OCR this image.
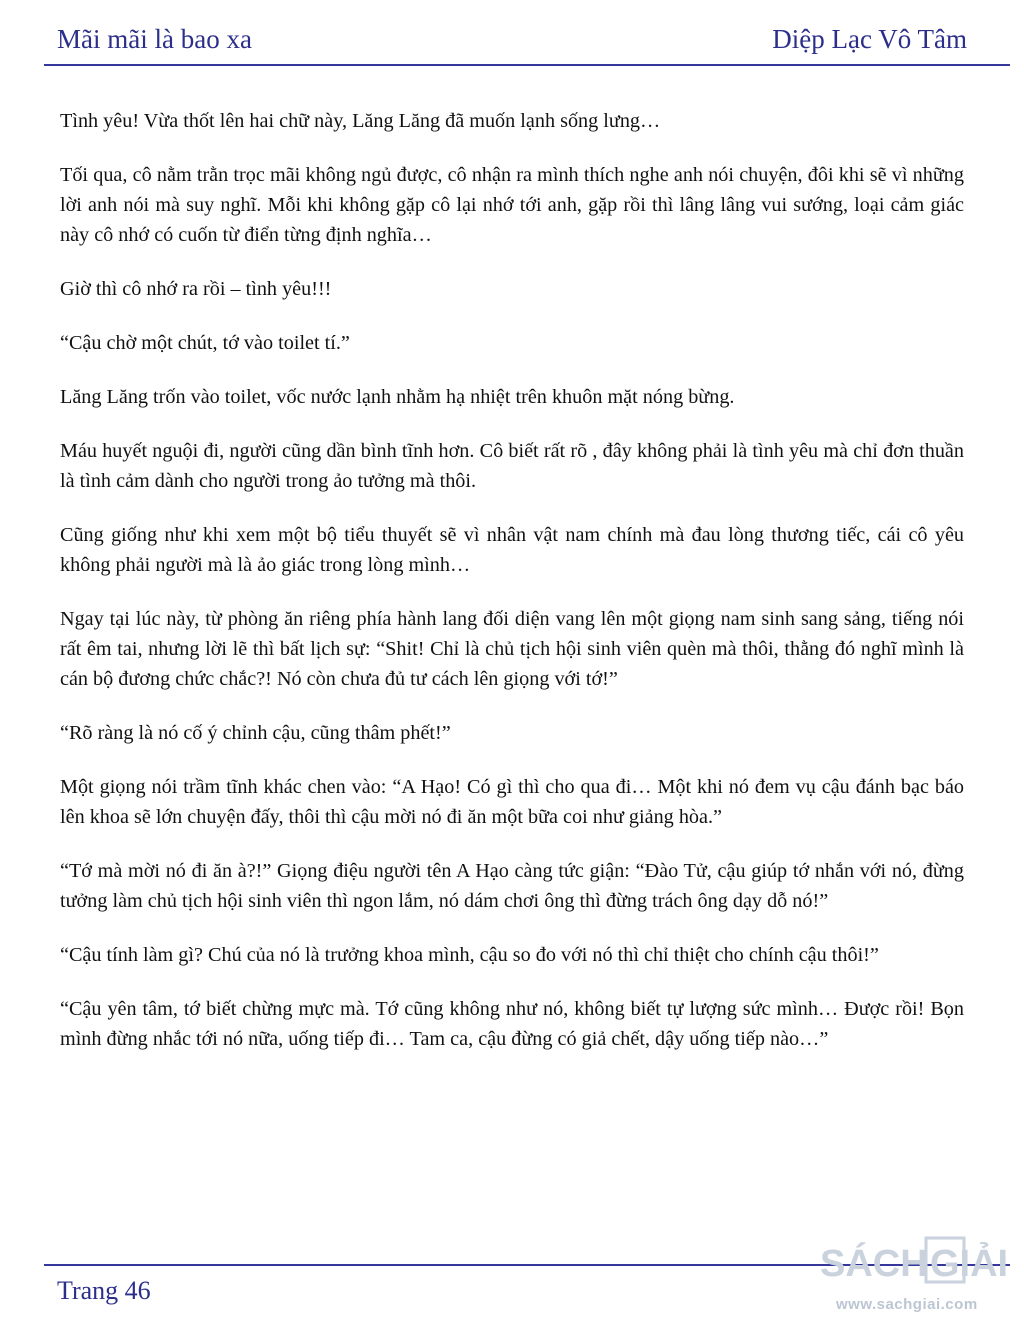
Mãi mãi là bao xa	Diệp Lạc Vô Tâm

Tình yêu! Vừa thốt lên hai chữ này, Lăng Lăng đã muốn lạnh sống lưng…

Tối qua, cô nằm trằn trọc mãi không ngủ được, cô nhận ra mình thích nghe anh nói chuyện, đôi khi sẽ vì những lời anh nói mà suy nghĩ. Mỗi khi không gặp cô lại nhớ tới anh, gặp rồi thì lâng lâng vui sướng, loại cảm giác này cô nhớ có cuốn từ điển từng định nghĩa…

Giờ thì cô nhớ ra rồi – tình yêu!!!

“Cậu chờ một chút, tớ vào toilet tí.”

Lăng Lăng trốn vào toilet, vốc nước lạnh nhằm hạ nhiệt trên khuôn mặt nóng bừng.

Máu huyết nguội đi, người cũng dần bình tĩnh hơn. Cô biết rất rõ , đây không phải là tình yêu mà chỉ đơn thuần là tình cảm dành cho người trong ảo tưởng mà thôi.

Cũng giống như khi xem một bộ tiểu thuyết sẽ vì nhân vật nam chính mà đau lòng thương tiếc, cái cô yêu không phải người mà là ảo giác trong lòng mình…

Ngay tại lúc này, từ phòng ăn riêng phía hành lang đối diện vang lên một giọng nam sinh sang sảng, tiếng nói rất êm tai, nhưng lời lẽ thì bất lịch sự: “Shit! Chỉ là chủ tịch hội sinh viên quèn mà thôi, thằng đó nghĩ mình là cán bộ đương chức chắc?! Nó còn chưa đủ tư cách lên giọng với tớ!”

“Rõ ràng là nó cố ý chỉnh cậu, cũng thâm phết!”

Một giọng nói trầm tĩnh khác chen vào: “A Hạo! Có gì thì cho qua đi… Một khi nó đem vụ cậu đánh bạc báo lên khoa sẽ lớn chuyện đấy, thôi thì cậu mời nó đi ăn một bữa coi như giảng hòa.”

“Tớ mà mời nó đi ăn à?!” Giọng điệu người tên A Hạo càng tức giận: “Đào Tử, cậu giúp tớ nhắn với nó, đừng tưởng làm chủ tịch hội sinh viên thì ngon lắm, nó dám chơi ông thì đừng trách ông dạy dỗ nó!”

“Cậu tính làm gì? Chú của nó là trưởng khoa mình, cậu so đo với nó thì chỉ thiệt cho chính cậu thôi!”

“Cậu yên tâm, tớ biết chừng mực mà. Tớ cũng không như nó, không biết tự lượng sức mình… Được rồi! Bọn mình đừng nhắc tới nó nữa, uống tiếp đi… Tam ca, cậu đừng có giả chết, dậy uống tiếp nào…”

Trang 46
SÁCH GIẢI
www.sachgiai.com
